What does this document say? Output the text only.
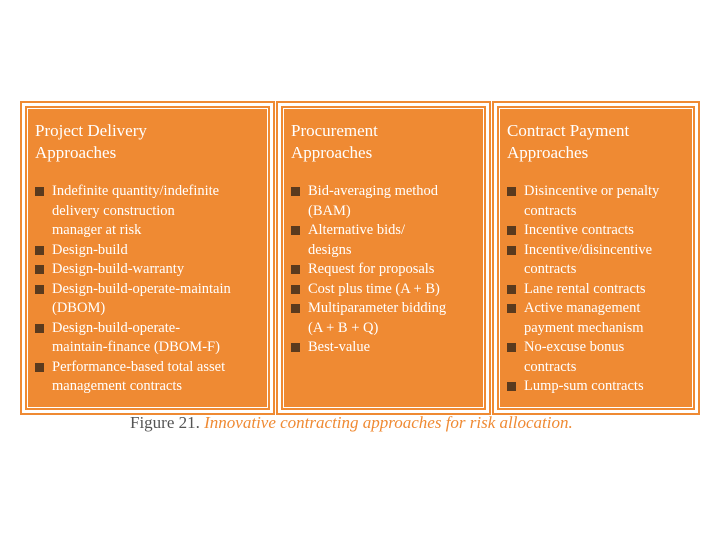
Project Delivery
Approaches
Indefinite quantity/indefinite
delivery construction
manager at risk
Design-build
Design-build-warranty
Design-build-operate-maintain
(DBOM)
Design-build-operate-
maintain-finance (DBOM-F)
Performance-based total asset
management contracts
Procurement
Approaches
Bid-averaging method
(BAM)
Alternative bids/
designs
Request for proposals
Cost plus time (A + B)
Multiparameter bidding
(A + B + Q)
Best-value
Contract Payment
Approaches
Disincentive or penalty
contracts
Incentive contracts
Incentive/disincentive
contracts
Lane rental contracts
Active management
payment mechanism
No-excuse bonus
contracts
Lump-sum contracts
Figure 21. Innovative contracting approaches for risk allocation.
